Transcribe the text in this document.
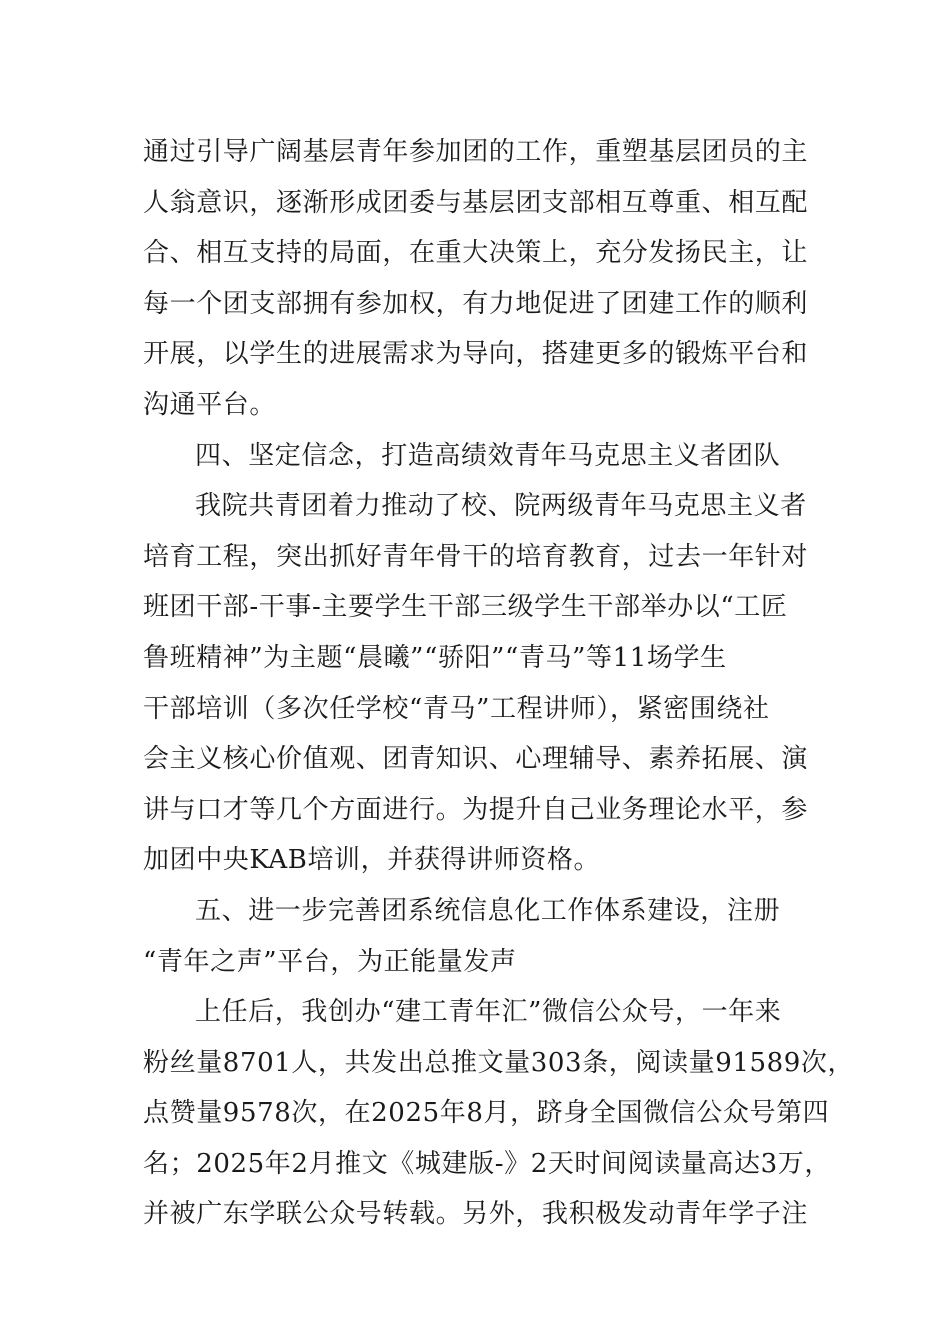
通过引导广阔基层青年参加团的工作，重塑基层团员的主
人翁意识，逐渐形成团委与基层团支部相互尊重、相互配
合、相互支持的局面，在重大决策上，充分发扬民主，让
每一个团支部拥有参加权，有力地促进了团建工作的顺利
开展，以学生的进展需求为导向，搭建更多的锻炼平台和
沟通平台。

四、坚定信念，打造高绩效青年马克思主义者团队

我院共青团着力推动了校、院两级青年马克思主义者
培育工程，突出抓好青年骨干的培育教育，过去一年针对
班团干部-干事-主要学生干部三级学生干部举办以“工匠
鲁班精神”为主题“晨曦”“骄阳”“青马”等11场学生
干部培训（多次任学校“青马”工程讲师），紧密围绕社
会主义核心价值观、团青知识、心理辅导、素养拓展、演
讲与口才等几个方面进行。为提升自己业务理论水平，参
加团中央KAB培训，并获得讲师资格。

五、进一步完善团系统信息化工作体系建设，注册
“青年之声”平台，为正能量发声

上任后，我创办“建工青年汇”微信公众号，一年来
粉丝量8701人，共发出总推文量303条，阅读量91589次，
点赞量9578次，在2025年8月，跻身全国微信公众号第四
名；2025年2月推文《城建版-》2天时间阅读量高达3万，
并被广东学联公众号转载。另外，我积极发动青年学子注
